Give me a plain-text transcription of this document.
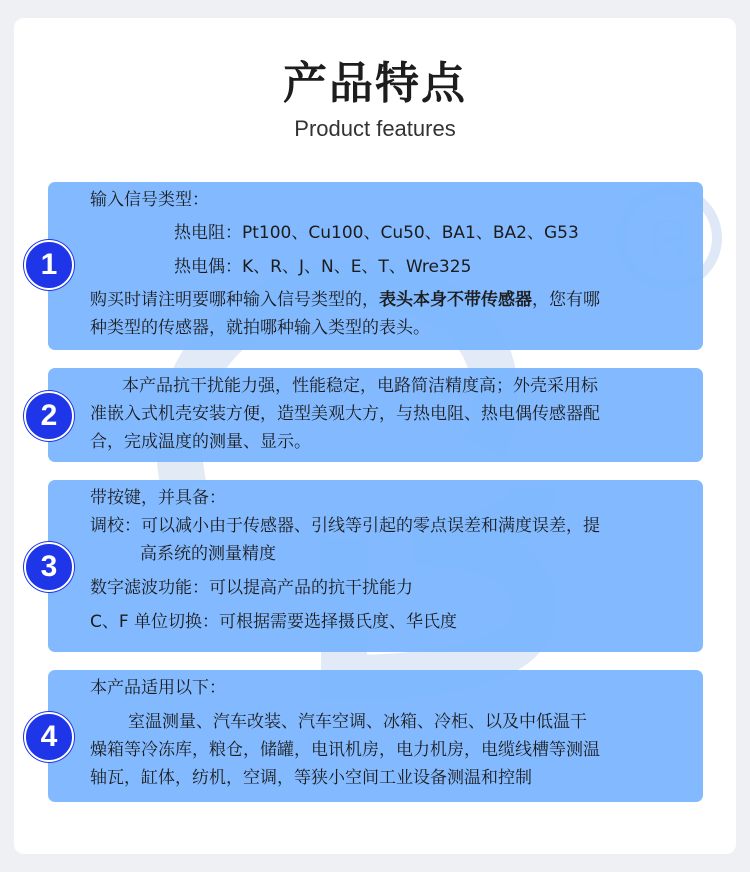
产品特点
Product features
1
输入信号类型：
热电阻：Pt100、Cu100、Cu50、BA1、BA2、G53
热电偶：K、R、J、N、E、T、Wre325
购买时请注明要哪种输入信号类型的，表头本身不带传感器，您有哪
种类型的传感器，就拍哪种输入类型的表头。
2
本产品抗干扰能力强，性能稳定，电路简洁精度高；外壳采用标
准嵌入式机壳安装方便，造型美观大方，与热电阻、热电偶传感器配
合，完成温度的测量、显示。
3
带按键，并具备：
调校：可以减小由于传感器、引线等引起的零点误差和满度误差，提
高系统的测量精度
数字滤波功能：可以提高产品的抗干扰能力
C、F 单位切换：可根据需要选择摄氏度、华氏度
4
本产品适用以下：
室温测量、汽车改装、汽车空调、冰箱、冷柜、以及中低温干
燥箱等冷冻库，粮仓，储罐，电讯机房，电力机房，电缆线槽等测温
轴瓦，缸体，纺机，空调，等狭小空间工业设备测温和控制
